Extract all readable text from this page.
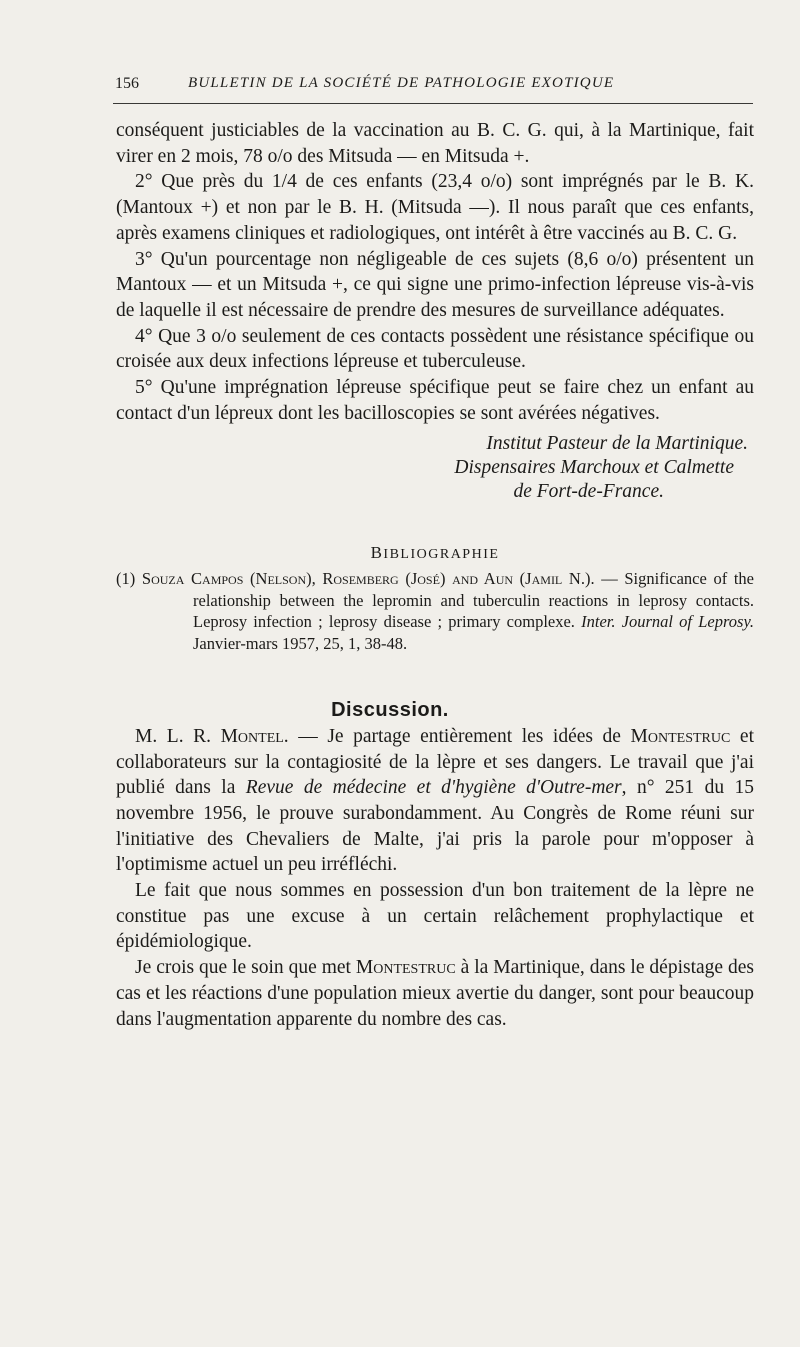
156	BULLETIN DE LA SOCIÉTÉ DE PATHOLOGIE EXOTIQUE

conséquent justiciables de la vaccination au B. C. G. qui, à la Martinique, fait virer en 2 mois, 78 o/o des Mitsuda — en Mitsuda +.

2° Que près du 1/4 de ces enfants (23,4 o/o) sont imprégnés par le B. K. (Mantoux +) et non par le B. H. (Mitsuda —). Il nous paraît que ces enfants, après examens cliniques et radiologiques, ont intérêt à être vaccinés au B. C. G.

3° Qu'un pourcentage non négligeable de ces sujets (8,6 o/o) présentent un Mantoux — et un Mitsuda +, ce qui signe une primo-infection lépreuse vis-à-vis de laquelle il est nécessaire de prendre des mesures de surveillance adéquates.

4° Que 3 o/o seulement de ces contacts possèdent une résistance spécifique ou croisée aux deux infections lépreuse et tuberculeuse.

5° Qu'une imprégnation lépreuse spécifique peut se faire chez un enfant au contact d'un lépreux dont les bacilloscopies se sont avérées négatives.

Institut Pasteur de la Martinique.
Dispensaires Marchoux et Calmette
de Fort-de-France.
BIBLIOGRAPHIE

(1) Souza Campos (Nelson), Rosemberg (José) and Aun (Jamil N.). — Significance of the relationship between the lepromin and tuberculin reactions in leprosy contacts. Leprosy infection ; leprosy disease ; primary complexe. Inter. Journal of Leprosy. Janvier-mars 1957, 25, 1, 38-48.

Discussion.

M. L. R. Montel. — Je partage entièrement les idées de Montestruc et collaborateurs sur la contagiosité de la lèpre et ses dangers. Le travail que j'ai publié dans la Revue de médecine et d'hygiène d'Outre-mer, n° 251 du 15 novembre 1956, le prouve surabondamment. Au Congrès de Rome réuni sur l'initiative des Chevaliers de Malte, j'ai pris la parole pour m'opposer à l'optimisme actuel un peu irréfléchi.

Le fait que nous sommes en possession d'un bon traitement de la lèpre ne constitue pas une excuse à un certain relâchement prophylactique et épidémiologique.

Je crois que le soin que met Montestruc à la Martinique, dans le dépistage des cas et les réactions d'une population mieux avertie du danger, sont pour beaucoup dans l'augmentation apparente du nombre des cas.
